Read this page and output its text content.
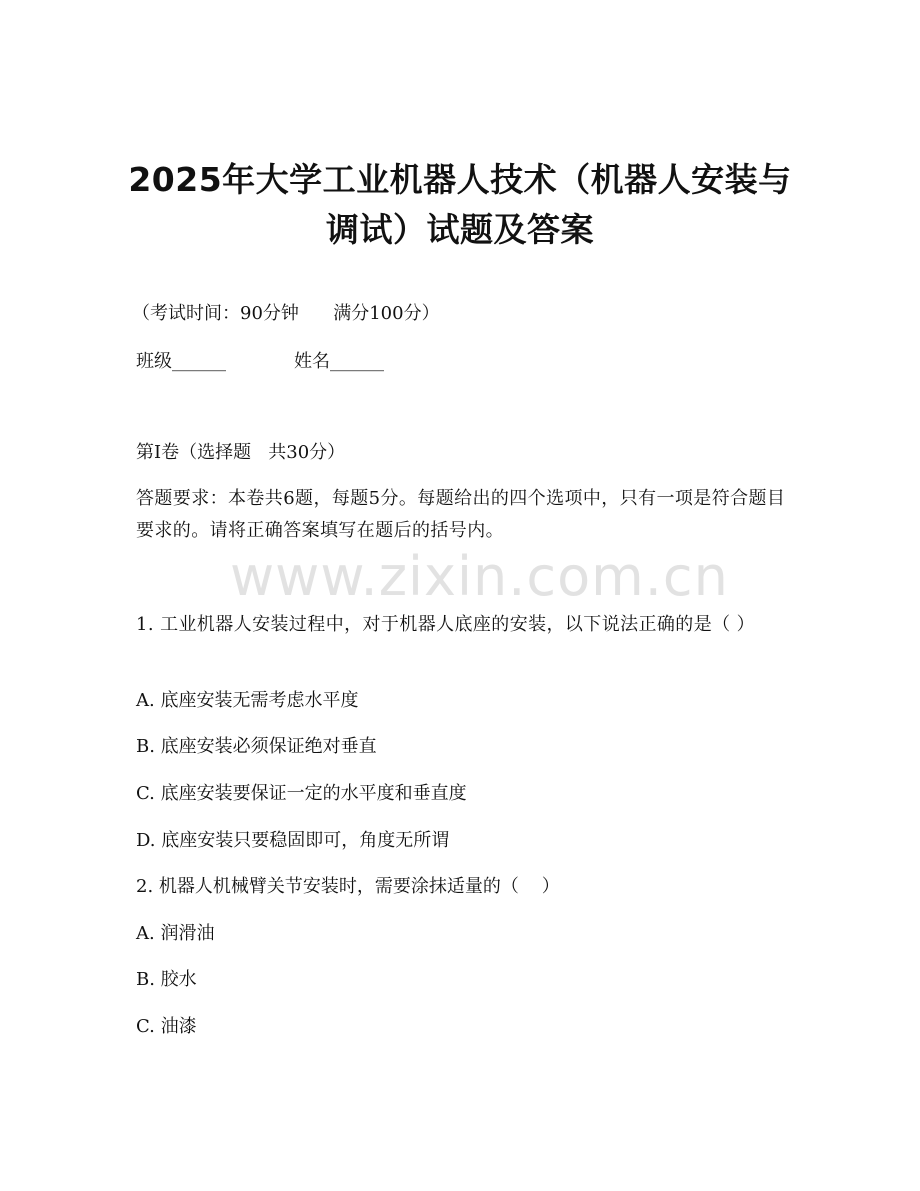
2025年大学工业机器人技术（机器人安装与
调试）试题及答案
（考试时间：90分钟      满分100分）
班级______	姓名______
第I卷（选择题   共30分）
答题要求：本卷共6题，每题5分。每题给出的四个选项中，只有一项是符合题目要求的。请将正确答案填写在题后的括号内。
www.zixin.com.cn
1. 工业机器人安装过程中，对于机器人底座的安装，以下说法正确的是（ ）
A. 底座安装无需考虑水平度
B. 底座安装必须保证绝对垂直
C. 底座安装要保证一定的水平度和垂直度
D. 底座安装只要稳固即可，角度无所谓
2. 机器人机械臂关节安装时，需要涂抹适量的（    ）
A. 润滑油
B. 胶水
C. 油漆
